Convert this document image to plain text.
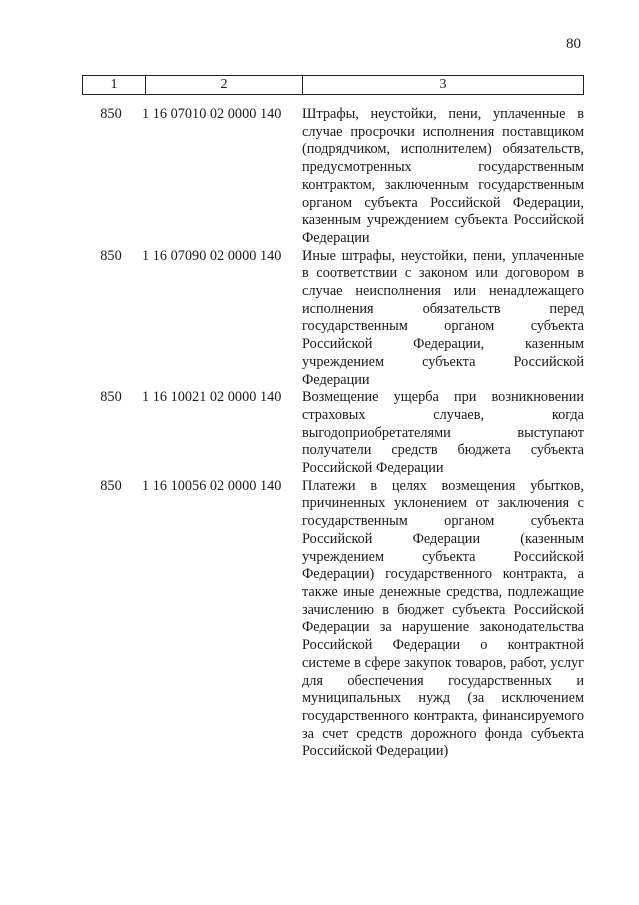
80
1	2	3
850	1 16 07010 02 0000 140	Штрафы, неустойки, пени, уплаченные в случае просрочки исполнения поставщиком (подрядчиком, исполнителем) обязательств, предусмотренных государственным контрактом, заключенным государственным органом субъекта Российской Федерации, казенным учреждением субъекта Российской Федерации
850	1 16 07090 02 0000 140	Иные штрафы, неустойки, пени, уплаченные в соответствии с законом или договором в случае неисполнения или ненадлежащего исполнения обязательств перед государственным органом субъекта Российской Федерации, казенным учреждением субъекта Российской Федерации
850	1 16 10021 02 0000 140	Возмещение ущерба при возникновении страховых случаев, когда выгодоприобретателями выступают получатели средств бюджета субъекта Российской Федерации
850	1 16 10056 02 0000 140	Платежи в целях возмещения убытков, причиненных уклонением от заключения с государственным органом субъекта Российской Федерации (казенным учреждением субъекта Российской Федерации) государственного контракта, а также иные денежные средства, подлежащие зачислению в бюджет субъекта Российской Федерации за нарушение законодательства Российской Федерации о контрактной системе в сфере закупок товаров, работ, услуг для обеспечения государственных и муниципальных нужд (за исключением государственного контракта, финансируемого за счет средств дорожного фонда субъекта Российской Федерации)
